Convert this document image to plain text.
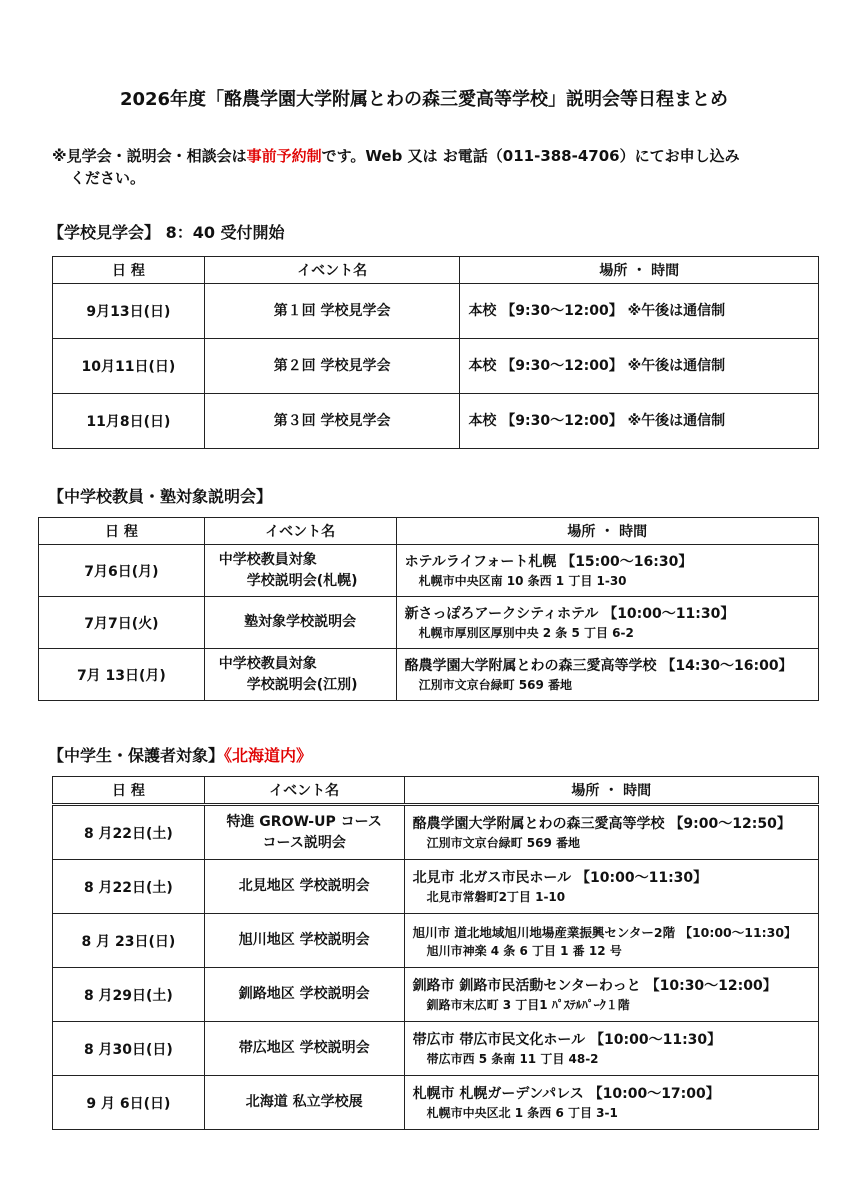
2026年度「酪農学園大学附属とわの森三愛高等学校」説明会等日程まとめ
※見学会・説明会・相談会は事前予約制です。Web 又は お電話（011-388-4706）にてお申し込み
ください。
【学校見学会】 8：40 受付開始
日 程	イベント名	場所 ・ 時間
9月13日(日)	第１回 学校見学会	本校 【9:30～12:00】 ※午後は通信制
10月11日(日)	第２回 学校見学会	本校 【9:30～12:00】 ※午後は通信制
11月8日(日)	第３回 学校見学会	本校 【9:30～12:00】 ※午後は通信制
【中学校教員・塾対象説明会】
日 程	イベント名	場所 ・ 時間
7月6日(月)	中学校教員対象
学校説明会(札幌)	ホテルライフォート札幌 【15:00～16:30】
札幌市中央区南 10 条西 1 丁目 1-30

7月7日(火)	塾対象学校説明会	新さっぽろアークシティホテル 【10:00～11:30】
札幌市厚別区厚別中央 2 条 5 丁目 6-2

7月 13日(月)	中学校教員対象
学校説明会(江別)	酪農学園大学附属とわの森三愛高等学校 【14:30～16:00】
江別市文京台緑町 569 番地
【中学生・保護者対象】《北海道内》
日 程	イベント名	場所 ・ 時間
8 月22日(土)	特進 GROW-UP コース
コース説明会	酪農学園大学附属とわの森三愛高等学校 【9:00～12:50】
江別市文京台緑町 569 番地

8 月22日(土)	北見地区 学校説明会	北見市 北ガス市民ホール 【10:00～11:30】
北見市常磐町2丁目 1-10

8 月 23日(日)	旭川地区 学校説明会	旭川市 道北地域旭川地場産業振興センター2階 【10:00～11:30】
旭川市神楽 4 条 6 丁目 1 番 12 号

8 月29日(土)	釧路地区 学校説明会	釧路市 釧路市民活動センターわっと 【10:30～12:00】
釧路市末広町 3 丁目1 ﾊﾟｽﾃﾙﾊﾟｰｸ１階

8 月30日(日)	帯広地区 学校説明会	帯広市 帯広市民文化ホール 【10:00～11:30】
帯広市西 5 条南 11 丁目 48-2

9 月 6日(日)	北海道 私立学校展	札幌市 札幌ガーデンパレス 【10:00～17:00】
札幌市中央区北 1 条西 6 丁目 3-1
